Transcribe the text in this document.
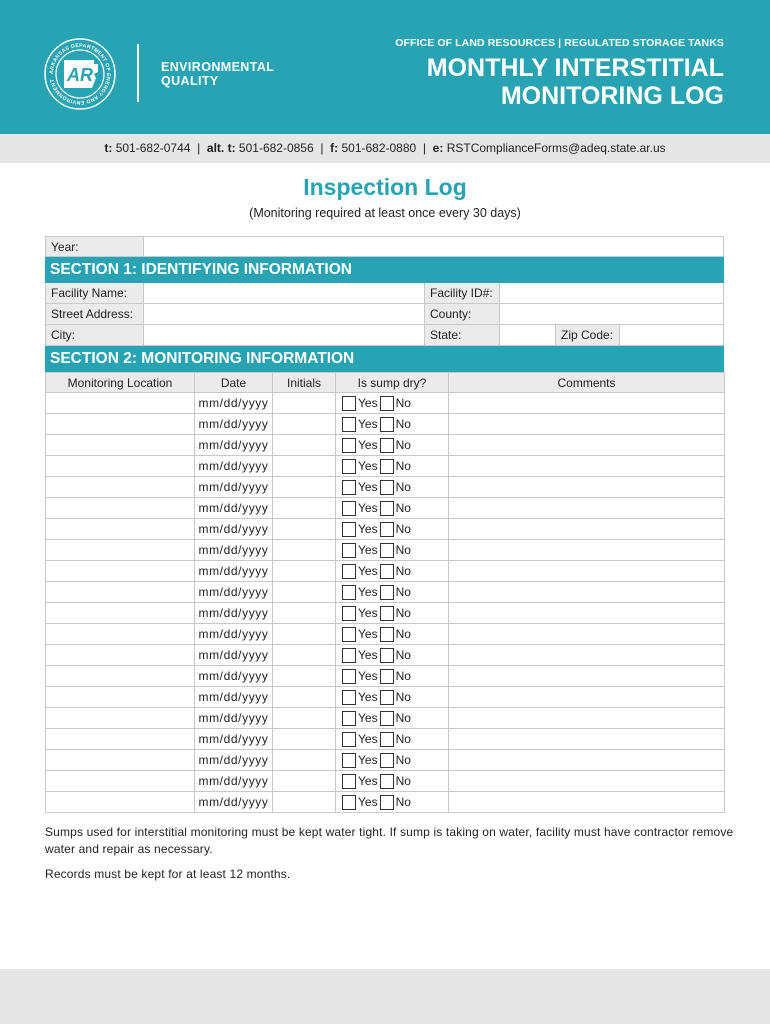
AR
ARKANSAS DEPARTMENT OF ENERGY AND ENVIRONMENT
ENVIRONMENTAL
QUALITY
OFFICE OF LAND RESOURCES | REGULATED STORAGE TANKS
MONTHLY INTERSTITIAL
MONITORING LOG
t: 501-682-0744 | alt. t: 501-682-0856 | f: 501-682-0880 | e: RSTComplianceForms@adeq.state.ar.us
Inspection Log
(Monitoring required at least once every 30 days)
Year:
SECTION 1: IDENTIFYING INFORMATION
Facility Name:	Facility ID#:
Street Address:	County:
City:	State:	Zip Code:
SECTION 2: MONITORING INFORMATION
Monitoring Location	Date	Initials	Is sump dry?	Comments
	mm/dd/yyyy		Yes No	
	mm/dd/yyyy		Yes No	
	mm/dd/yyyy		Yes No	
	mm/dd/yyyy		Yes No	
	mm/dd/yyyy		Yes No	
	mm/dd/yyyy		Yes No	
	mm/dd/yyyy		Yes No	
	mm/dd/yyyy		Yes No	
	mm/dd/yyyy		Yes No	
	mm/dd/yyyy		Yes No	
	mm/dd/yyyy		Yes No	
	mm/dd/yyyy		Yes No	
	mm/dd/yyyy		Yes No	
	mm/dd/yyyy		Yes No	
	mm/dd/yyyy		Yes No	
	mm/dd/yyyy		Yes No	
	mm/dd/yyyy		Yes No	
	mm/dd/yyyy		Yes No	
	mm/dd/yyyy		Yes No	
	mm/dd/yyyy		Yes No	

Sumps used for interstitial monitoring must be kept water tight. If sump is taking on water, facility must have contractor remove water and repair as necessary.

Records must be kept for at least 12 months.
